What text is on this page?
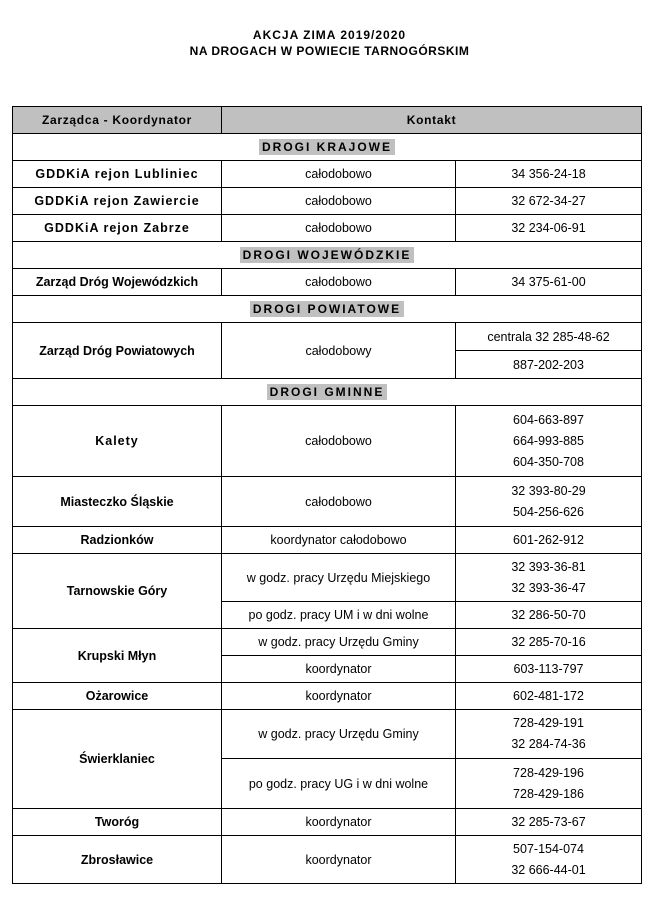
AKCJA ZIMA 2019/2020
NA DROGACH W POWIECIE TARNOGÓRSKIM
Zarządca - Koordynator	Kontakt	
DROGI KRAJOWE		
GDDKiA rejon Lubliniec	całodobowo	34 356-24-18
GDDKiA rejon Zawiercie	całodobowo	32 672-34-27
GDDKiA rejon Zabrze	całodobowo	32 234-06-91
DROGI WOJEWÓDZKIE		
Zarząd Dróg Wojewódzkich	całodobowo	34 375-61-00
DROGI POWIATOWE		
Zarząd Dróg Powiatowych	całodobowy	centrala 32 285-48-62
		887-202-203
DROGI GMINNE		
Kalety	całodobowo	604-663-897
664-993-885
604-350-708

Miasteczko Śląskie	całodobowo	32 393-80-29
504-256-626

Radzionków	koordynator całodobowo	601-262-912
Tarnowskie Góry	w godz. pracy Urzędu Miejskiego	32 393-36-81
32 393-36-47

	po godz. pracy UM i w dni wolne	32 286-50-70
Krupski Młyn	w godz. pracy Urzędu Gminy	32 285-70-16
	koordynator	603-113-797
Ożarowice	koordynator	602-481-172
Świerklaniec	w godz. pracy Urzędu Gminy	728-429-191
32 284-74-36

	po godz. pracy UG i w dni wolne	728-429-196
728-429-186

Tworóg	koordynator	32 285-73-67
Zbrosławice	koordynator	507-154-074
32 666-44-01
